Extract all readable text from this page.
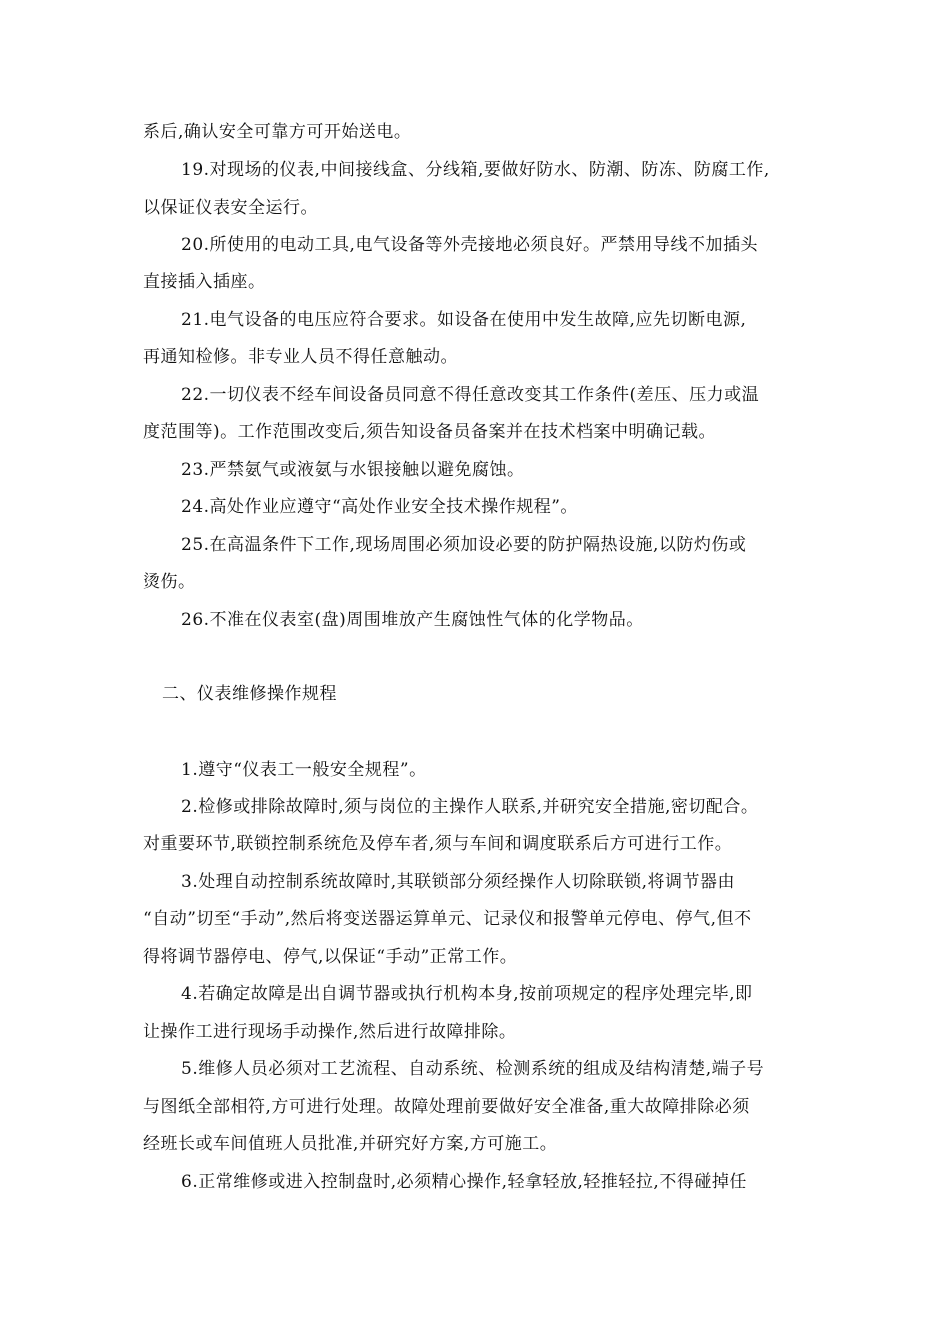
系后,确认安全可靠方可开始送电。
19.对现场的仪表,中间接线盒、分线箱,要做好防水、防潮、防冻、防腐工作,
以保证仪表安全运行。
20.所使用的电动工具,电气设备等外壳接地必须良好。严禁用导线不加插头
直接插入插座。
21.电气设备的电压应符合要求。如设备在使用中发生故障,应先切断电源,
再通知检修。非专业人员不得任意触动。
22.一切仪表不经车间设备员同意不得任意改变其工作条件(差压、压力或温
度范围等)。工作范围改变后,须告知设备员备案并在技术档案中明确记载。
23.严禁氨气或液氨与水银接触以避免腐蚀。
24.高处作业应遵守“高处作业安全技术操作规程”。
25.在高温条件下工作,现场周围必须加设必要的防护隔热设施,以防灼伤或
烫伤。
26.不准在仪表室(盘)周围堆放产生腐蚀性气体的化学物品。
二、仪表维修操作规程
1.遵守“仪表工一般安全规程”。
2.检修或排除故障时,须与岗位的主操作人联系,并研究安全措施,密切配合。
对重要环节,联锁控制系统危及停车者,须与车间和调度联系后方可进行工作。
3.处理自动控制系统故障时,其联锁部分须经操作人切除联锁,将调节器由
“自动”切至“手动”,然后将变送器运算单元、记录仪和报警单元停电、停气,但不
得将调节器停电、停气,以保证“手动”正常工作。
4.若确定故障是出自调节器或执行机构本身,按前项规定的程序处理完毕,即
让操作工进行现场手动操作,然后进行故障排除。
5.维修人员必须对工艺流程、自动系统、检测系统的组成及结构清楚,端子号
与图纸全部相符,方可进行处理。故障处理前要做好安全准备,重大故障排除必须
经班长或车间值班人员批准,并研究好方案,方可施工。
6.正常维修或进入控制盘时,必须精心操作,轻拿轻放,轻推轻拉,不得碰掉任
